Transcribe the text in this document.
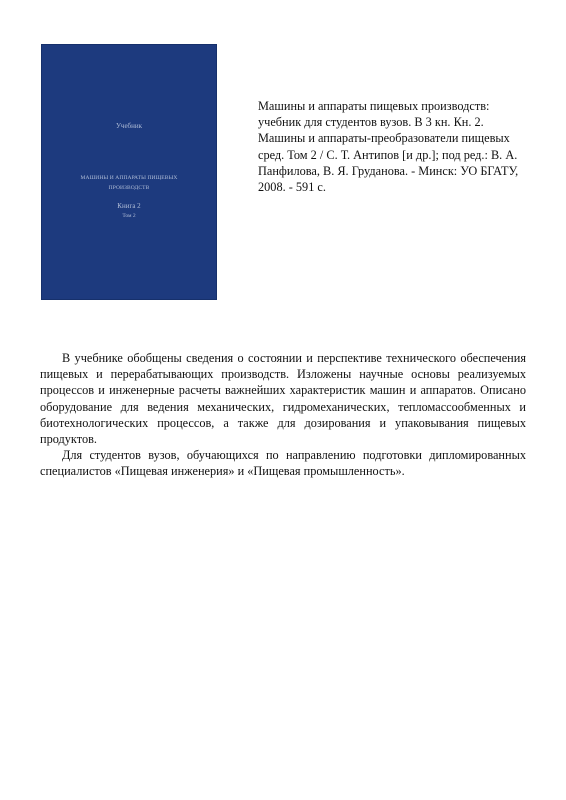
Учебник
МАШИНЫ И АППАРАТЫ ПИЩЕВЫХ
ПРОИЗВОДСТВ
Книга 2
Том 2
Машины и аппараты пищевых производств: учебник для студентов вузов. В 3 кн. Кн. 2. Машины и аппараты-преобразователи пищевых сред. Том 2 / С. Т. Антипов [и др.]; под ред.: В. А. Панфилова, В. Я. Груданова. - Минск: УО БГАТУ, 2008. - 591 с.

В учебнике обобщены сведения о состоянии и перспективе технического обеспечения пищевых и перерабатывающих производств. Изложены научные основы реализуемых процессов и инженерные расчеты важнейших характеристик машин и аппаратов. Описано оборудование для ведения механических, гидромеханических, тепломассообменных и биотехнологических процессов, а также для дозирования и упаковывания пищевых продуктов.

Для студентов вузов, обучающихся по направлению подготовки дипломированных специалистов «Пищевая инженерия» и «Пищевая промышленность».
